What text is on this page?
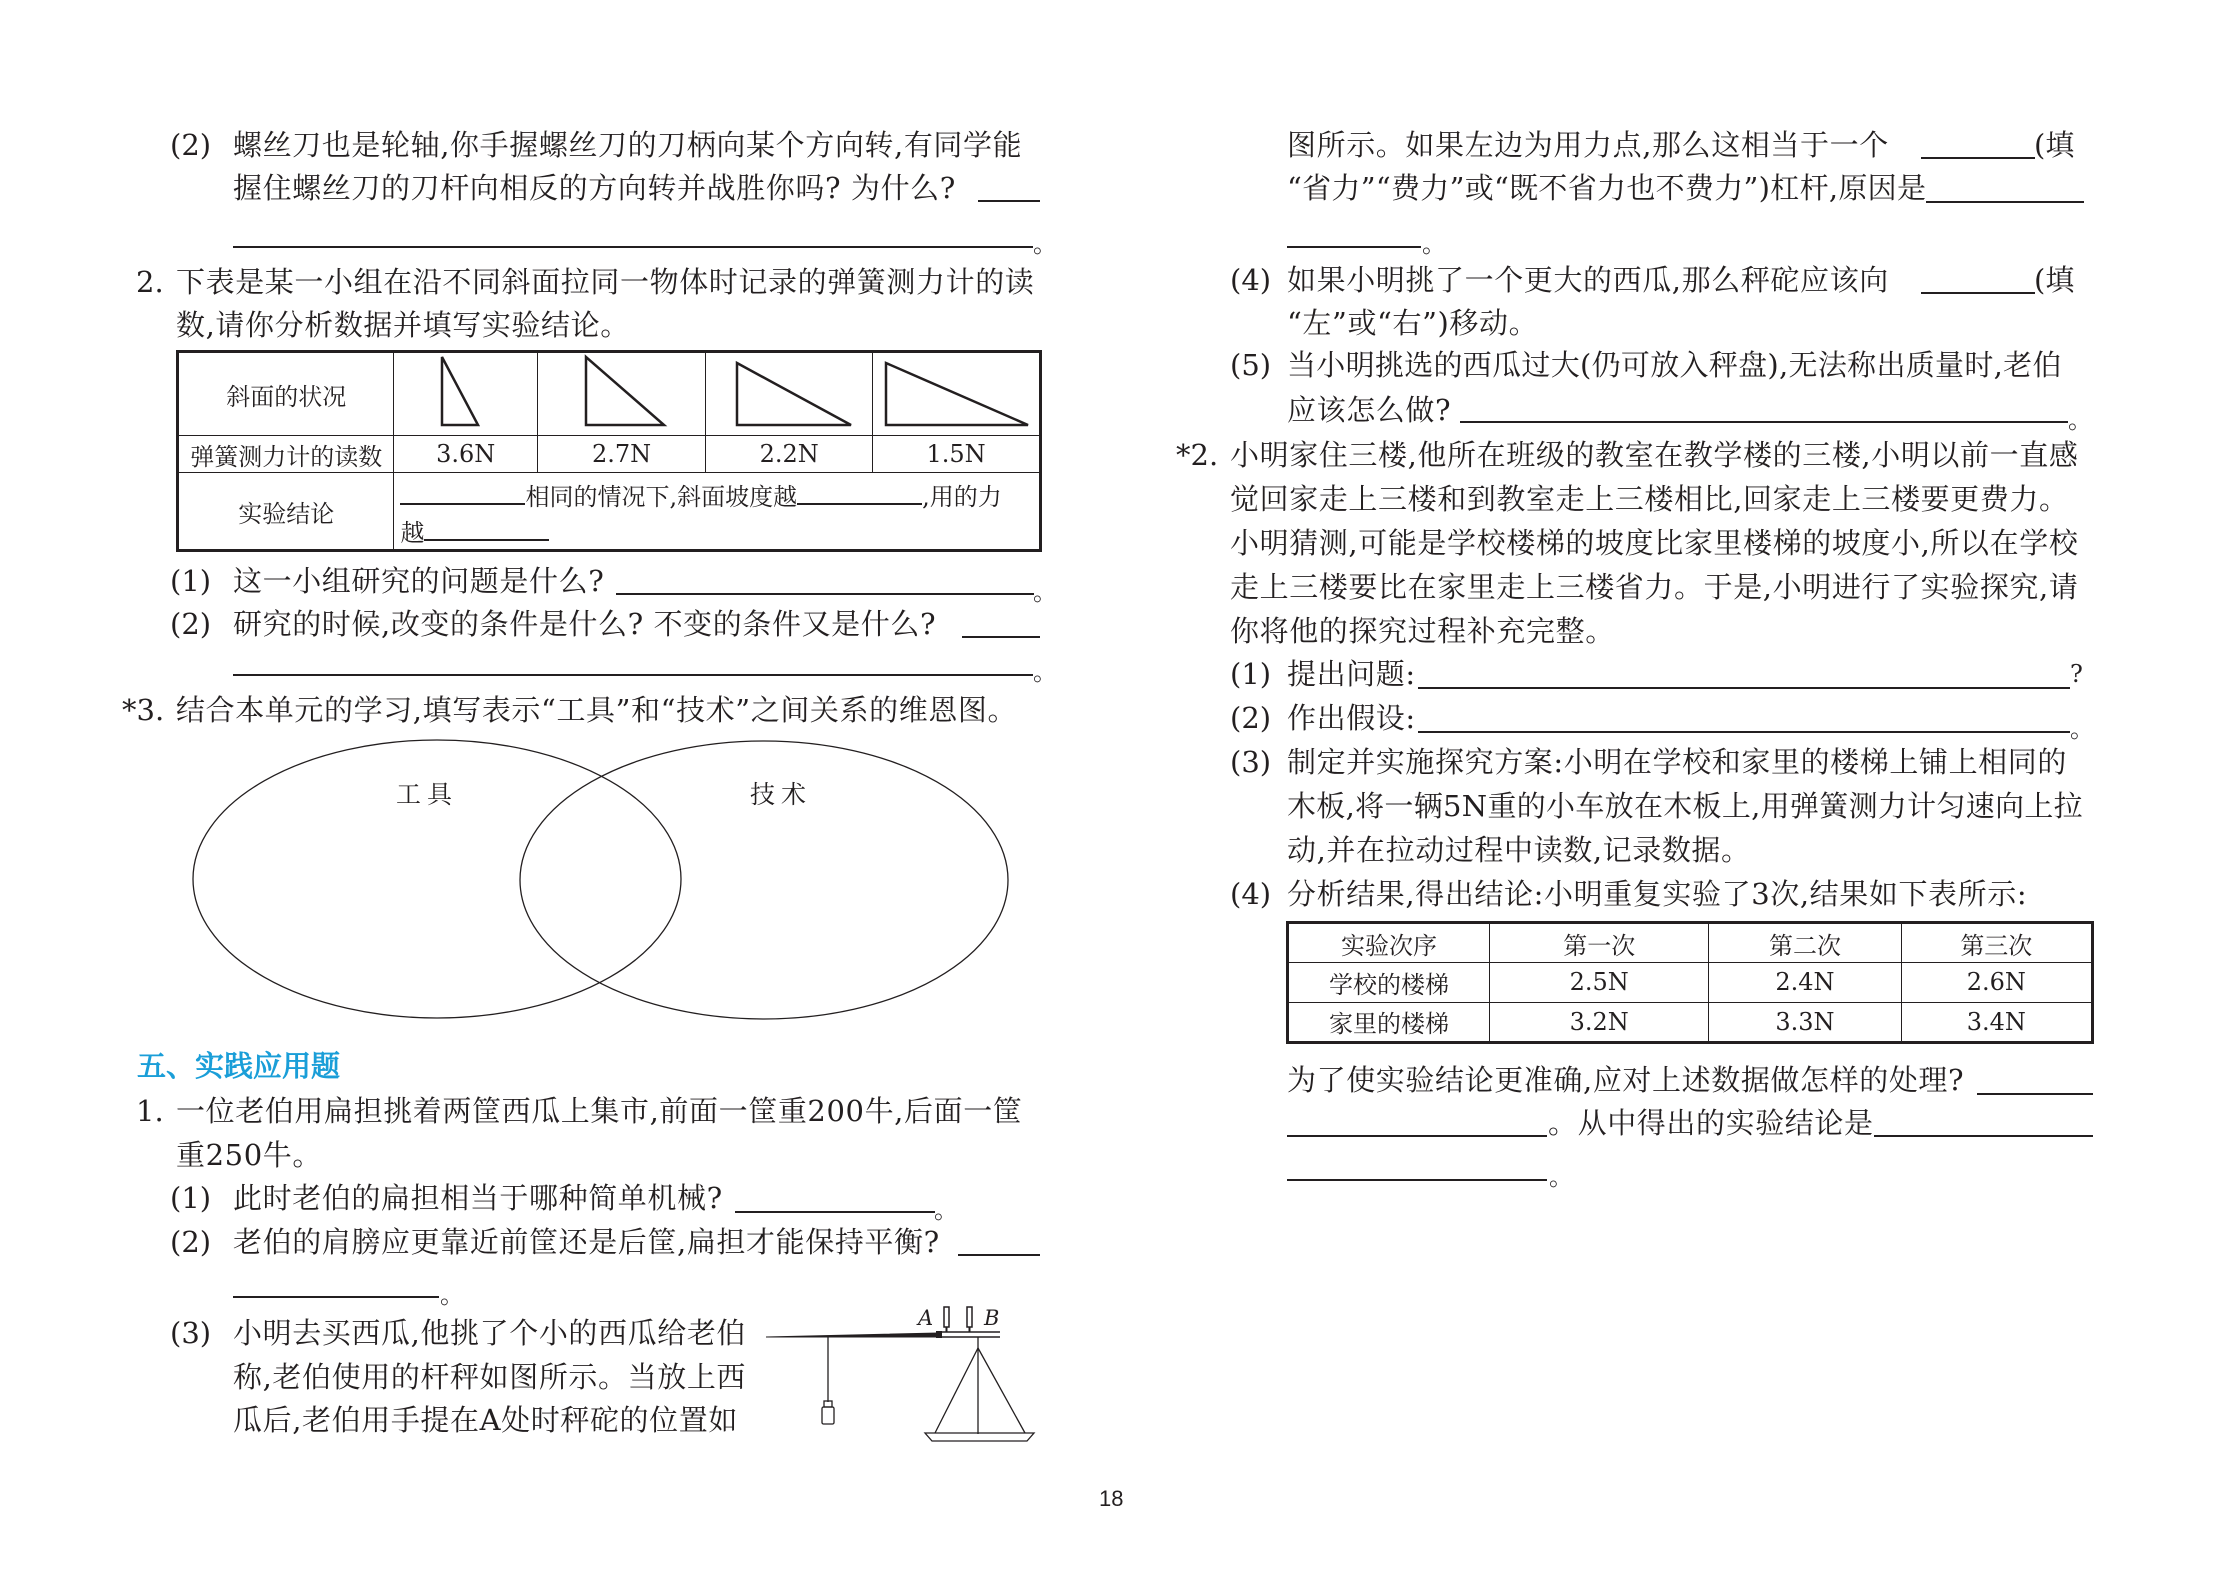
(2) 螺丝刀也是轮轴,你手握螺丝刀的刀柄向某个方向转,有同学能
握住螺丝刀的刀杆向相反的方向转并战胜你吗? 为什么?
。
2. 下表是某一小组在沿不同斜面拉同一物体时记录的弹簧测力计的读
数,请你分析数据并填写实验结论。
斜面的状况				
弹簧测力计的读数	3.6N	2.7N	2.2N	1.5N
实验结论	相同的情况下,斜面坡度越 ,用的力
越			
(1) 这一小组研究的问题是什么?	。
(2) 研究的时候,改变的条件是什么? 不变的条件又是什么?
。
*3. 结合本单元的学习,填写表示“工具”和“技术”之间关系的维恩图。
工具	技术
五、实践应用题
1. 一位老伯用扁担挑着两筐西瓜上集市,前面一筐重200牛,后面一筐
重250牛。
(1) 此时老伯的扁担相当于哪种简单机械?	。
(2) 老伯的肩膀应更靠近前筐还是后筐,扁担才能保持平衡?
。
(3) 小明去买西瓜,他挑了个小的西瓜给老伯
称,老伯使用的杆秤如图所示。当放上西
瓜后,老伯用手提在A处时秤砣的位置如
A B
图所示。如果左边为用力点,那么这相当于一个	(填
“省力”“费力”或“既不省力也不费力”)杠杆,原因是
。
(4) 如果小明挑了一个更大的西瓜,那么秤砣应该向	(填
“左”或“右”)移动。
(5) 当小明挑选的西瓜过大(仍可放入秤盘),无法称出质量时,老伯
应该怎么做?	。
*2. 小明家住三楼,他所在班级的教室在教学楼的三楼,小明以前一直感
觉回家走上三楼和到教室走上三楼相比,回家走上三楼要更费力。
小明猜测,可能是学校楼梯的坡度比家里楼梯的坡度小,所以在学校
走上三楼要比在家里走上三楼省力。于是,小明进行了实验探究,请
你将他的探究过程补充完整。
(1) 提出问题:	?
(2) 作出假设:	。
(3) 制定并实施探究方案:小明在学校和家里的楼梯上铺上相同的
木板,将一辆5N重的小车放在木板上,用弹簧测力计匀速向上拉
动,并在拉动过程中读数,记录数据。
(4) 分析结果,得出结论:小明重复实验了3次,结果如下表所示:
实验次序	第一次	第二次	第三次
学校的楼梯	2.5N	2.4N	2.6N
家里的楼梯	3.2N	3.3N	3.4N
为了使实验结论更准确,应对上述数据做怎样的处理?
。从中得出的实验结论是
。
18
